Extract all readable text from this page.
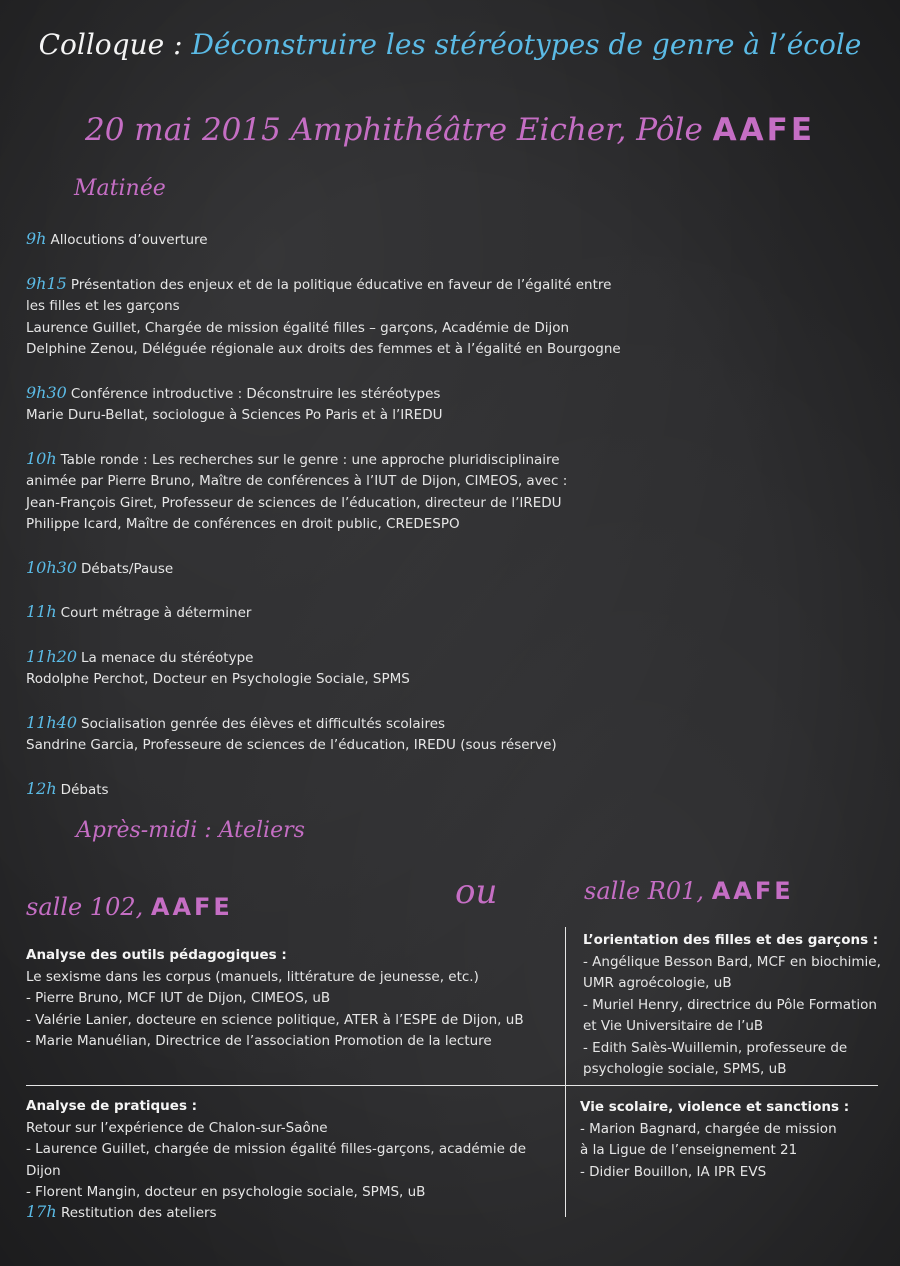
Colloque : Déconstruire les stéréotypes de genre à l’école
20 mai 2015 Amphithéâtre Eicher, Pôle AAFE
Matinée
9h Allocutions d’ouverture
9h15 Présentation des enjeux et de la politique éducative en faveur de l’égalité entre
les filles et les garçons
Laurence Guillet, Chargée de mission égalité filles – garçons, Académie de Dijon
Delphine Zenou, Déléguée régionale aux droits des femmes et à l’égalité en Bourgogne
9h30 Conférence introductive : Déconstruire les stéréotypes
Marie Duru-Bellat, sociologue à Sciences Po Paris et à l’IREDU
10h Table ronde : Les recherches sur le genre : une approche pluridisciplinaire
animée par Pierre Bruno, Maître de conférences à l’IUT de Dijon, CIMEOS, avec :
Jean-François Giret, Professeur de sciences de l’éducation, directeur de l’IREDU
Philippe Icard, Maître de conférences en droit public, CREDESPO
10h30 Débats/Pause
11h Court métrage à déterminer
11h20 La menace du stéréotype
Rodolphe Perchot, Docteur en Psychologie Sociale, SPMS
11h40 Socialisation genrée des élèves et difficultés scolaires
Sandrine Garcia, Professeure de sciences de l’éducation, IREDU (sous réserve)
12h Débats
Après-midi : Ateliers
salle 102, AAFE	ou	salle R01, AAFE
Analyse des outils pédagogiques :
Le sexisme dans les corpus (manuels, littérature de jeunesse, etc.)
- Pierre Bruno, MCF IUT de Dijon, CIMEOS, uB
- Valérie Lanier, docteure en science politique, ATER à l’ESPE de Dijon, uB
- Marie Manuélian, Directrice de l’association Promotion de la lecture
L’orientation des filles et des garçons :
- Angélique Besson Bard, MCF en biochimie,
UMR agroécologie, uB
- Muriel Henry, directrice du Pôle Formation
et Vie Universitaire de l’uB
- Edith Salès-Wuillemin, professeure de
psychologie sociale, SPMS, uB
Analyse de pratiques :
Retour sur l’expérience de Chalon-sur-Saône
- Laurence Guillet, chargée de mission égalité filles-garçons, académie de Dijon
- Florent Mangin, docteur en psychologie sociale, SPMS, uB
Vie scolaire, violence et sanctions :
- Marion Bagnard, chargée de mission
à la Ligue de l’enseignement 21
- Didier Bouillon, IA IPR EVS
17h Restitution des ateliers
